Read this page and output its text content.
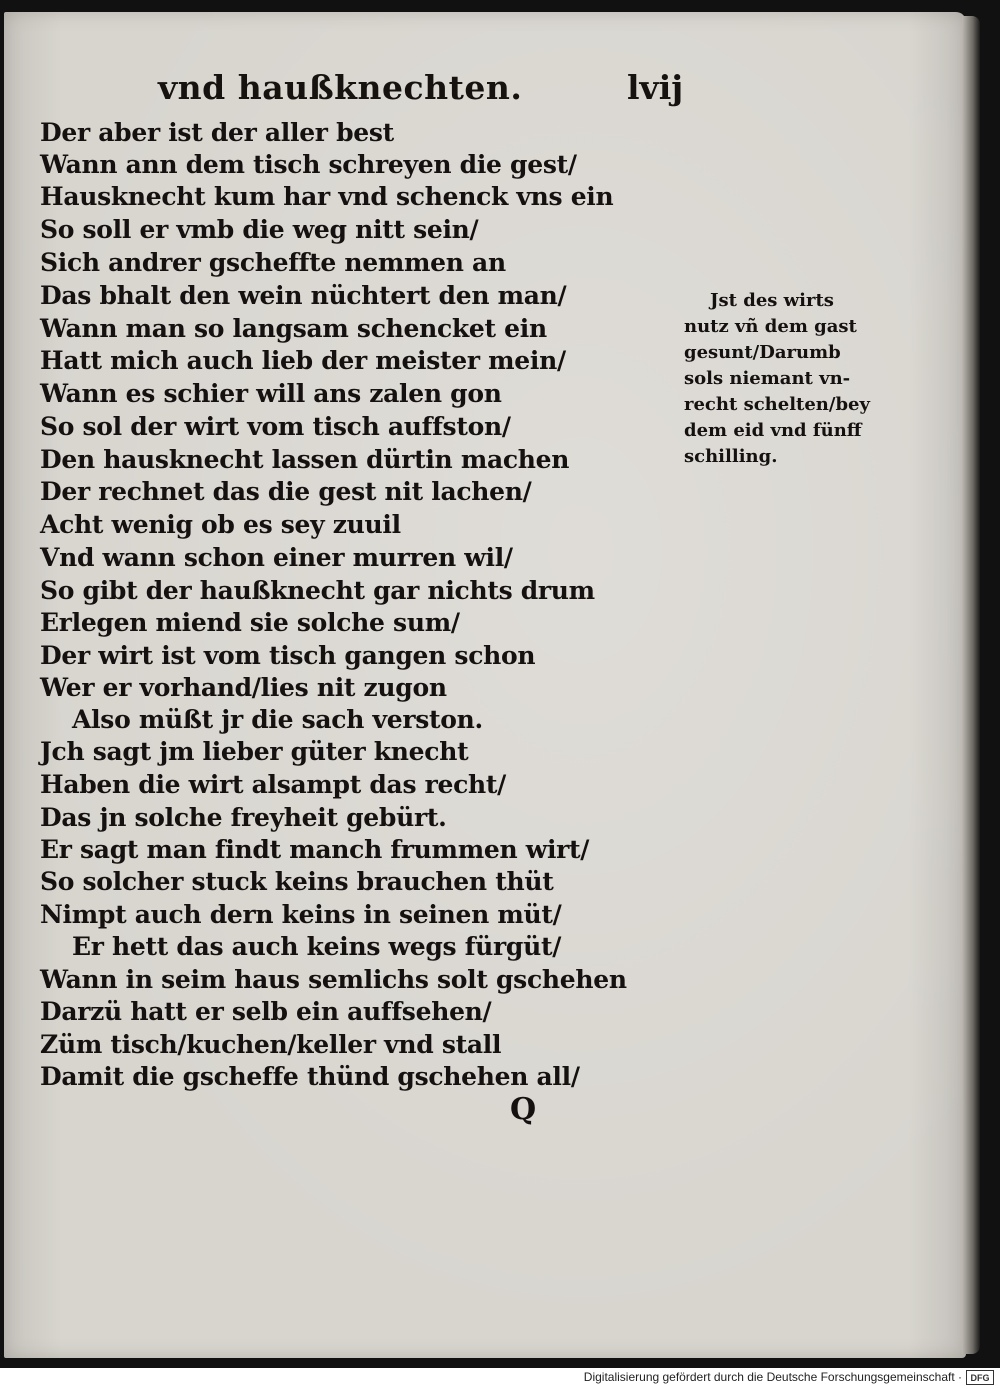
vnd haußknechten.	lvij
Der aber ist der aller best
Wann ann dem tisch schreyen die gest/
Hausknecht kum har vnd schenck vns ein
So soll er vmb die weg nitt sein/
Sich andrer gscheffte nemmen an
Das bhalt den wein nüchtert den man/
Wann man so langsam schencket ein
Hatt mich auch lieb der meister mein/
Wann es schier will ans zalen gon
So sol der wirt vom tisch auffston/
Den hausknecht lassen dürtin machen
Der rechnet das die gest nit lachen/
Acht wenig ob es sey zuuil
Vnd wann schon einer murren wil/
So gibt der haußknecht gar nichts drum
Erlegen miend sie solche sum/
Der wirt ist vom tisch gangen schon
Wer er vorhand/lies nit zugon
Also müßt jr die sach verston.
Jch sagt jm lieber güter knecht
Haben die wirt alsampt das recht/
Das jn solche freyheit gebürt.
Er sagt man findt manch frummen wirt/
So solcher stuck keins brauchen thüt
Nimpt auch dern keins in seinen müt/
Er hett das auch keins wegs fürgüt/
Wann in seim haus semlichs solt gschehen
Darzü hatt er selb ein auffsehen/
Züm tisch/kuchen/keller vnd stall
Damit die gscheffe thünd gschehen all/
Jst des wirts
nutz vñ dem gast
gesunt/Darumb
sols niemant vn-
recht schelten/bey
dem eid vnd fünff
schilling.
Q
Digitalisierung gefördert durch die Deutsche Forschungsgemeinschaft · DFG
